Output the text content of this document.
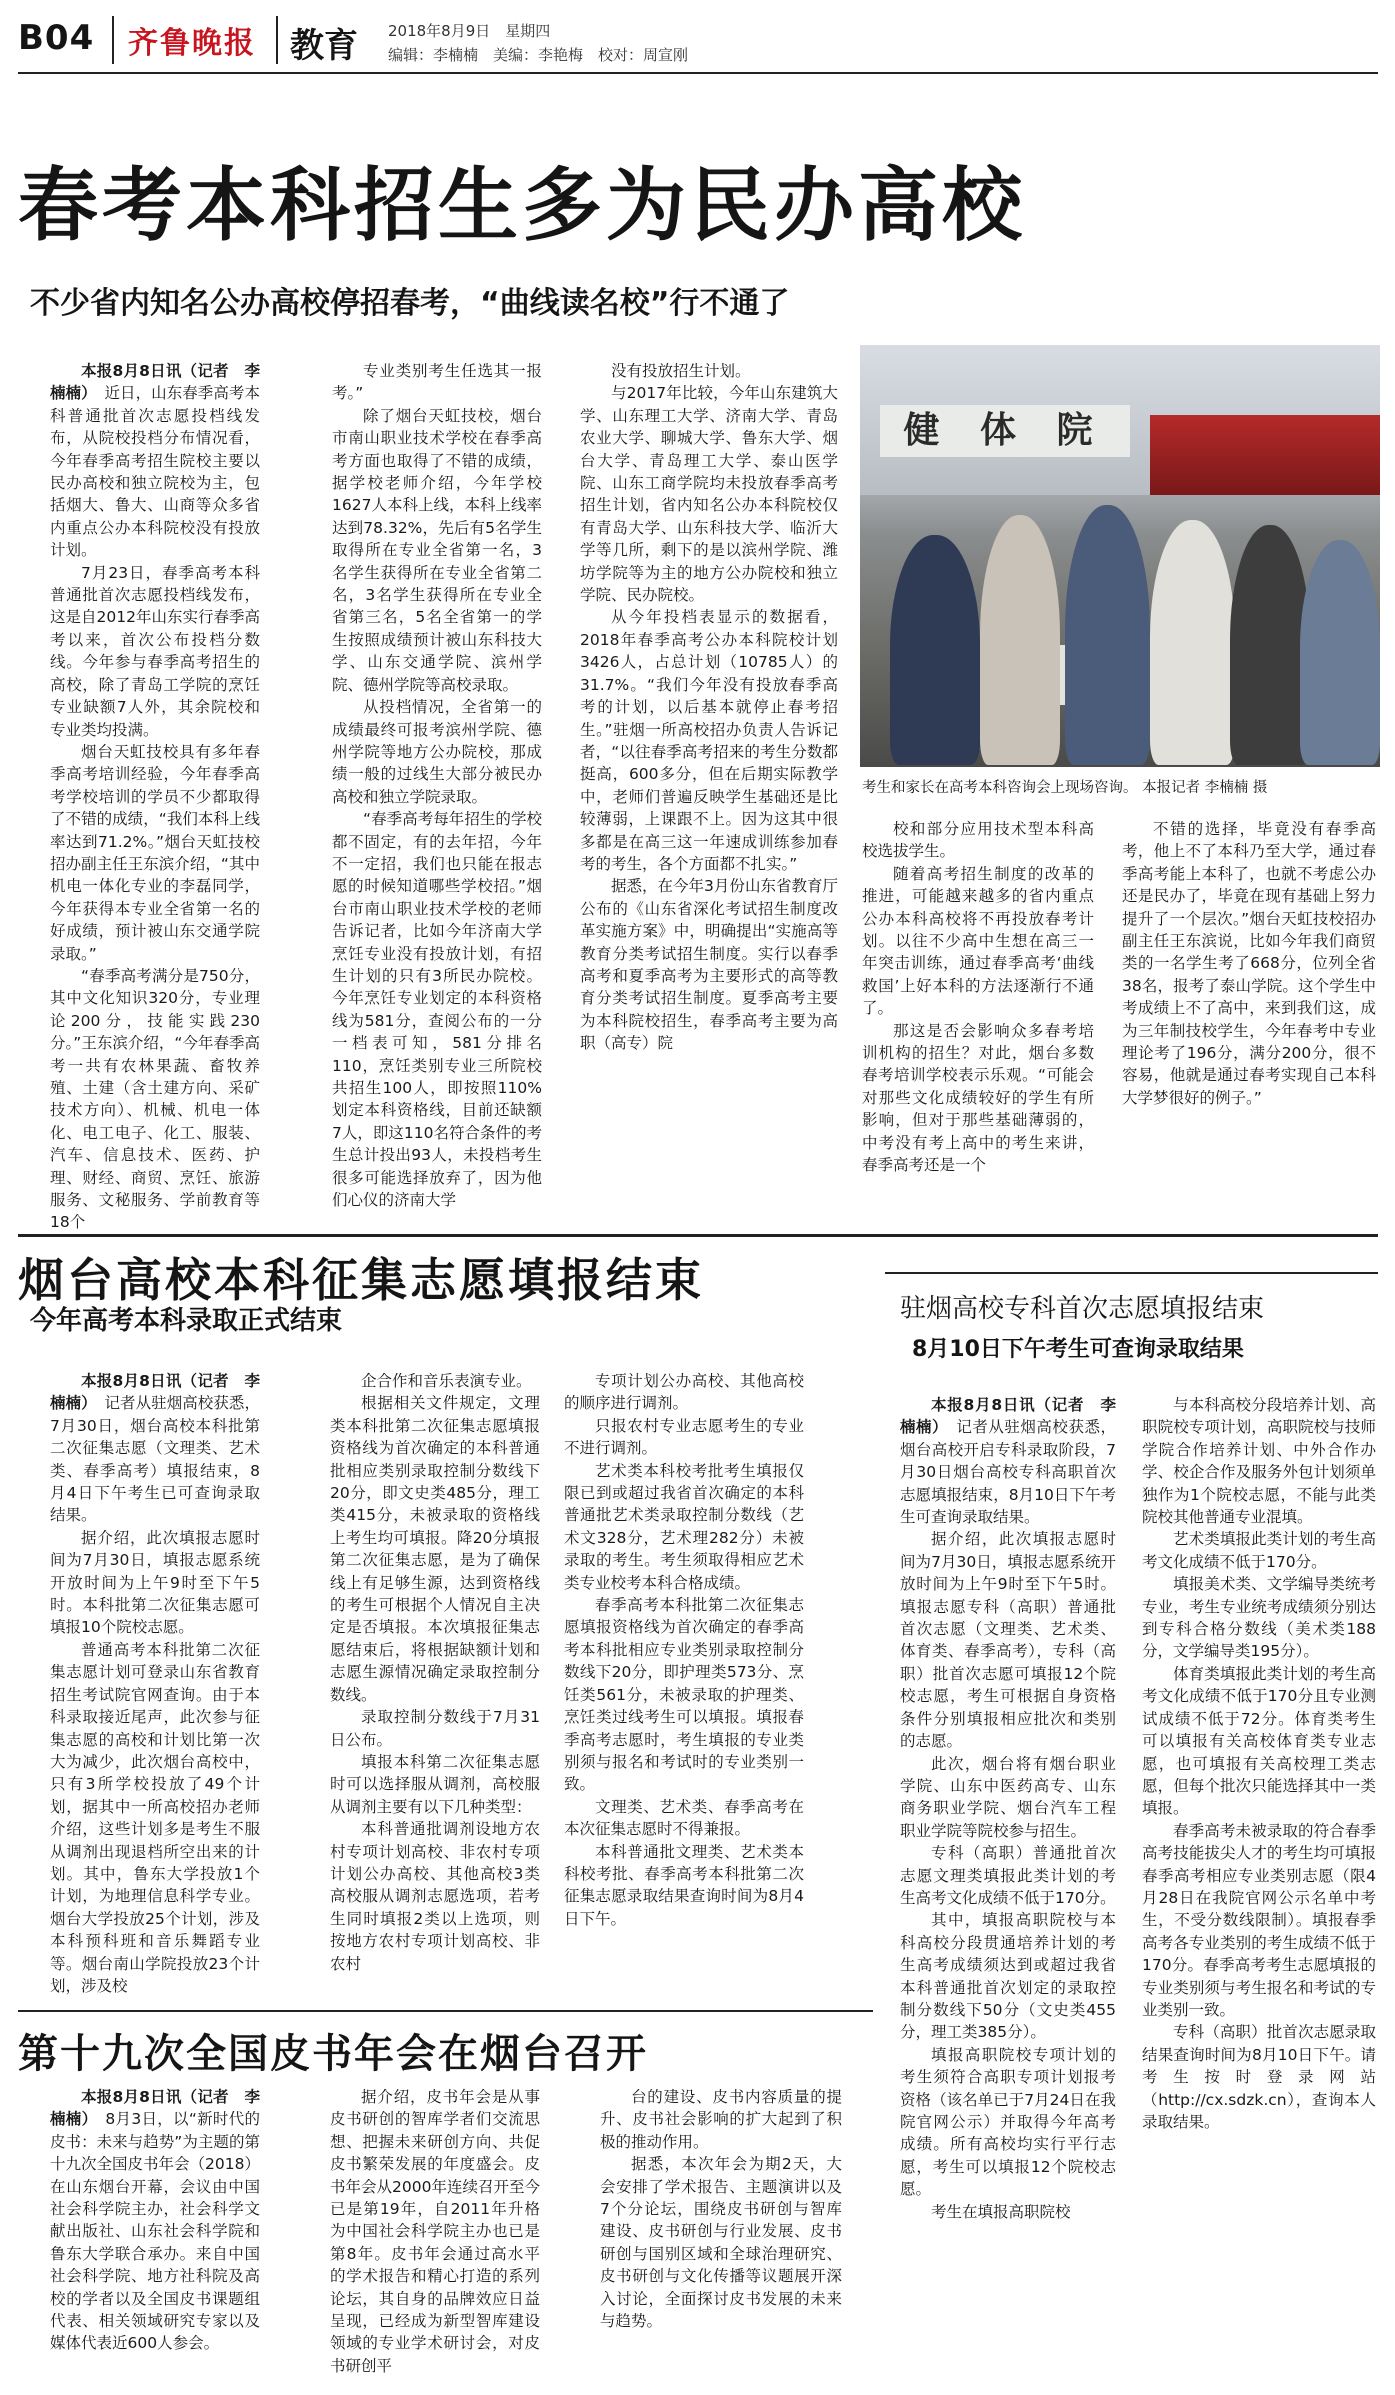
B04 齐鲁晚报 教育 2018年8月9日　星期四
编辑：李楠楠　美编：李艳梅　校对：周宣刚
春考本科招生多为民办高校
不少省内知名公办高校停招春考，“曲线读名校”行不通了

本报8月8日讯（记者　李楠楠）　近日，山东春季高考本科普通批首次志愿投档线发布，从院校投档分布情况看，今年春季高考招生院校主要以民办高校和独立院校为主，包括烟大、鲁大、山商等众多省内重点公办本科院校没有投放计划。

7月23日，春季高考本科普通批首次志愿投档线发布，这是自2012年山东实行春季高考以来，首次公布投档分数线。今年参与春季高考招生的高校，除了青岛工学院的烹饪专业缺额7人外，其余院校和专业类均投满。

烟台天虹技校具有多年春季高考培训经验，今年春季高考学校培训的学员不少都取得了不错的成绩，“我们本科上线率达到71.2%。”烟台天虹技校招办副主任王东滨介绍，“其中机电一体化专业的李磊同学，今年获得本专业全省第一名的好成绩，预计被山东交通学院录取。”

“春季高考满分是750分，其中文化知识320分，专业理论200分，技能实践230分。”王东滨介绍，“今年春季高考一共有农林果蔬、畜牧养殖、土建（含土建方向、采矿技术方向）、机械、机电一体化、电工电子、化工、服装、汽车、信息技术、医药、护理、财经、商贸、烹饪、旅游服务、文秘服务、学前教育等18个

专业类别考生任选其一报考。”

除了烟台天虹技校，烟台市南山职业技术学校在春季高考方面也取得了不错的成绩，据学校老师介绍，今年学校1627人本科上线，本科上线率达到78.32%，先后有5名学生取得所在专业全省第一名，3名学生获得所在专业全省第二名，3名学生获得所在专业全省第三名，5名全省第一的学生按照成绩预计被山东科技大学、山东交通学院、滨州学院、德州学院等高校录取。

从投档情况，全省第一的成绩最终可报考滨州学院、德州学院等地方公办院校，那成绩一般的过线生大部分被民办高校和独立学院录取。

“春季高考每年招生的学校都不固定，有的去年招，今年不一定招，我们也只能在报志愿的时候知道哪些学校招。”烟台市南山职业技术学校的老师告诉记者，比如今年济南大学烹饪专业没有投放计划，有招生计划的只有3所民办院校。今年烹饪专业划定的本科资格线为581分，查阅公布的一分一档表可知，581分排名110，烹饪类别专业三所院校共招生100人，即按照110%划定本科资格线，目前还缺额7人，即这110名符合条件的考生总计投出93人，未投档考生很多可能选择放弃了，因为他们心仪的济南大学

没有投放招生计划。

与2017年比较，今年山东建筑大学、山东理工大学、济南大学、青岛农业大学、聊城大学、鲁东大学、烟台大学、青岛理工大学、泰山医学院、山东工商学院均未投放春季高考招生计划，省内知名公办本科院校仅有青岛大学、山东科技大学、临沂大学等几所，剩下的是以滨州学院、潍坊学院等为主的地方公办院校和独立学院、民办院校。

从今年投档表显示的数据看，2018年春季高考公办本科院校计划3426人，占总计划（10785人）的31.7%。“我们今年没有投放春季高考的计划，以后基本就停止春考招生。”驻烟一所高校招办负责人告诉记者，“以往春季高考招来的考生分数都挺高，600多分，但在后期实际教学中，老师们普遍反映学生基础还是比较薄弱，上课跟不上。因为这其中很多都是在高三这一年速成训练参加春考的考生，各个方面都不扎实。”

据悉，在今年3月份山东省教育厅公布的《山东省深化考试招生制度改革实施方案》中，明确提出“实施高等教育分类考试招生制度。实行以春季高考和夏季高考为主要形式的高等教育分类考试招生制度。夏季高考主要为本科院校招生，春季高考主要为高职（高专）院

校和部分应用技术型本科高校选拔学生。

随着高考招生制度的改革的推进，可能越来越多的省内重点公办本科高校将不再投放春考计划。以往不少高中生想在高三一年突击训练，通过春季高考‘曲线救国’上好本科的方法逐渐行不通了。

那这是否会影响众多春考培训机构的招生？对此，烟台多数春考培训学校表示乐观。“可能会对那些文化成绩较好的学生有所影响，但对于那些基础薄弱的，中考没有考上高中的考生来讲，春季高考还是一个

不错的选择，毕竟没有春季高考，他上不了本科乃至大学，通过春季高考能上本科了，也就不考虑公办还是民办了，毕竟在现有基础上努力提升了一个层次。”烟台天虹技校招办副主任王东滨说，比如今年我们商贸类的一名学生考了668分，位列全省38名，报考了泰山学院。这个学生中考成绩上不了高中，来到我们这，成为三年制技校学生，今年春考中专业理论考了196分，满分200分，很不容易，他就是通过春考实现自己本科大学梦很好的例子。”

健 体 院
考生和家长在高考本科咨询会上现场咨询。 本报记者 李楠楠 摄
烟台高校本科征集志愿填报结束
今年高考本科录取正式结束

本报8月8日讯（记者　李楠楠）　记者从驻烟高校获悉，7月30日，烟台高校本科批第二次征集志愿（文理类、艺术类、春季高考）填报结束，8月4日下午考生已可查询录取结果。

据介绍，此次填报志愿时间为7月30日，填报志愿系统开放时间为上午9时至下午5时。本科批第二次征集志愿可填报10个院校志愿。

普通高考本科批第二次征集志愿计划可登录山东省教育招生考试院官网查询。由于本科录取接近尾声，此次参与征集志愿的高校和计划比第一次大为减少，此次烟台高校中，只有3所学校投放了49个计划，据其中一所高校招办老师介绍，这些计划多是考生不服从调剂出现退档所空出来的计划。其中，鲁东大学投放1个计划，为地理信息科学专业。烟台大学投放25个计划，涉及本科预科班和音乐舞蹈专业等。烟台南山学院投放23个计划，涉及校

企合作和音乐表演专业。

根据相关文件规定，文理类本科批第二次征集志愿填报资格线为首次确定的本科普通批相应类别录取控制分数线下20分，即文史类485分，理工类415分，未被录取的资格线上考生均可填报。降20分填报第二次征集志愿，是为了确保线上有足够生源，达到资格线的考生可根据个人情况自主决定是否填报。本次填报征集志愿结束后，将根据缺额计划和志愿生源情况确定录取控制分数线。

录取控制分数线于7月31日公布。

填报本科第二次征集志愿时可以选择服从调剂，高校服从调剂主要有以下几种类型：

本科普通批调剂设地方农村专项计划高校、非农村专项计划公办高校、其他高校3类高校服从调剂志愿选项，若考生同时填报2类以上选项，则按地方农村专项计划高校、非农村

专项计划公办高校、其他高校的顺序进行调剂。

只报农村专业志愿考生的专业不进行调剂。

艺术类本科校考批考生填报仅限已到或超过我省首次确定的本科普通批艺术类录取控制分数线（艺术文328分，艺术理282分）未被录取的考生。考生须取得相应艺术类专业校考本科合格成绩。

春季高考本科批第二次征集志愿填报资格线为首次确定的春季高考本科批相应专业类别录取控制分数线下20分，即护理类573分、烹饪类561分，未被录取的护理类、烹饪类过线考生可以填报。填报春季高考志愿时，考生填报的专业类别须与报名和考试时的专业类别一致。

文理类、艺术类、春季高考在本次征集志愿时不得兼报。

本科普通批文理类、艺术类本科校考批、春季高考本科批第二次征集志愿录取结果查询时间为8月4日下午。

驻烟高校专科首次志愿填报结束
8月10日下午考生可查询录取结果

本报8月8日讯（记者　李楠楠）　记者从驻烟高校获悉，烟台高校开启专科录取阶段，7月30日烟台高校专科高职首次志愿填报结束，8月10日下午考生可查询录取结果。

据介绍，此次填报志愿时间为7月30日，填报志愿系统开放时间为上午9时至下午5时。填报志愿专科（高职）普通批首次志愿（文理类、艺术类、体育类、春季高考），专科（高职）批首次志愿可填报12个院校志愿，考生可根据自身资格条件分别填报相应批次和类别的志愿。

此次，烟台将有烟台职业学院、山东中医药高专、山东商务职业学院、烟台汽车工程职业学院等院校参与招生。

专科（高职）普通批首次志愿文理类填报此类计划的考生高考文化成绩不低于170分。

其中，填报高职院校与本科高校分段贯通培养计划的考生高考成绩须达到或超过我省本科普通批首次划定的录取控制分数线下50分（文史类455分，理工类385分）。

填报高职院校专项计划的考生须符合高职专项计划报考资格（该名单已于7月24日在我院官网公示）并取得今年高考成绩。所有高校均实行平行志愿，考生可以填报12个院校志愿。

考生在填报高职院校

与本科高校分段培养计划、高职院校专项计划，高职院校与技师学院合作培养计划、中外合作办学、校企合作及服务外包计划须单独作为1个院校志愿，不能与此类院校其他普通专业混填。

艺术类填报此类计划的考生高考文化成绩不低于170分。

填报美术类、文学编导类统考专业，考生专业统考成绩须分别达到专科合格分数线（美术类188分，文学编导类195分）。

体育类填报此类计划的考生高考文化成绩不低于170分且专业测试成绩不低于72分。体育类考生可以填报有关高校体育类专业志愿，也可填报有关高校理工类志愿，但每个批次只能选择其中一类填报。

春季高考未被录取的符合春季高考技能拔尖人才的考生均可填报春季高考相应专业类别志愿（限4月28日在我院官网公示名单中考生，不受分数线限制）。填报春季高考各专业类别的考生成绩不低于170分。春季高考考生志愿填报的专业类别须与考生报名和考试的专业类别一致。

专科（高职）批首次志愿录取结果查询时间为8月10日下午。请考生按时登录网站（http://cx.sdzk.cn），查询本人录取结果。

第十九次全国皮书年会在烟台召开

本报8月8日讯（记者　李楠楠）　8月3日，以“新时代的皮书：未来与趋势”为主题的第十九次全国皮书年会（2018）在山东烟台开幕，会议由中国社会科学院主办，社会科学文献出版社、山东社会科学院和鲁东大学联合承办。来自中国社会科学院、地方社科院及高校的学者以及全国皮书课题组代表、相关领域研究专家以及媒体代表近600人参会。

据介绍，皮书年会是从事皮书研创的智库学者们交流思想、把握未来研创方向、共促皮书繁荣发展的年度盛会。皮书年会从2000年连续召开至今已是第19年，自2011年升格为中国社会科学院主办也已是第8年。皮书年会通过高水平的学术报告和精心打造的系列论坛，其自身的品牌效应日益呈现，已经成为新型智库建设领域的专业学术研讨会，对皮书研创平

台的建设、皮书内容质量的提升、皮书社会影响的扩大起到了积极的推动作用。

据悉，本次年会为期2天，大会安排了学术报告、主题演讲以及7个分论坛，围绕皮书研创与智库建设、皮书研创与行业发展、皮书研创与国别区域和全球治理研究、皮书研创与文化传播等议题展开深入讨论，全面探讨皮书发展的未来与趋势。
